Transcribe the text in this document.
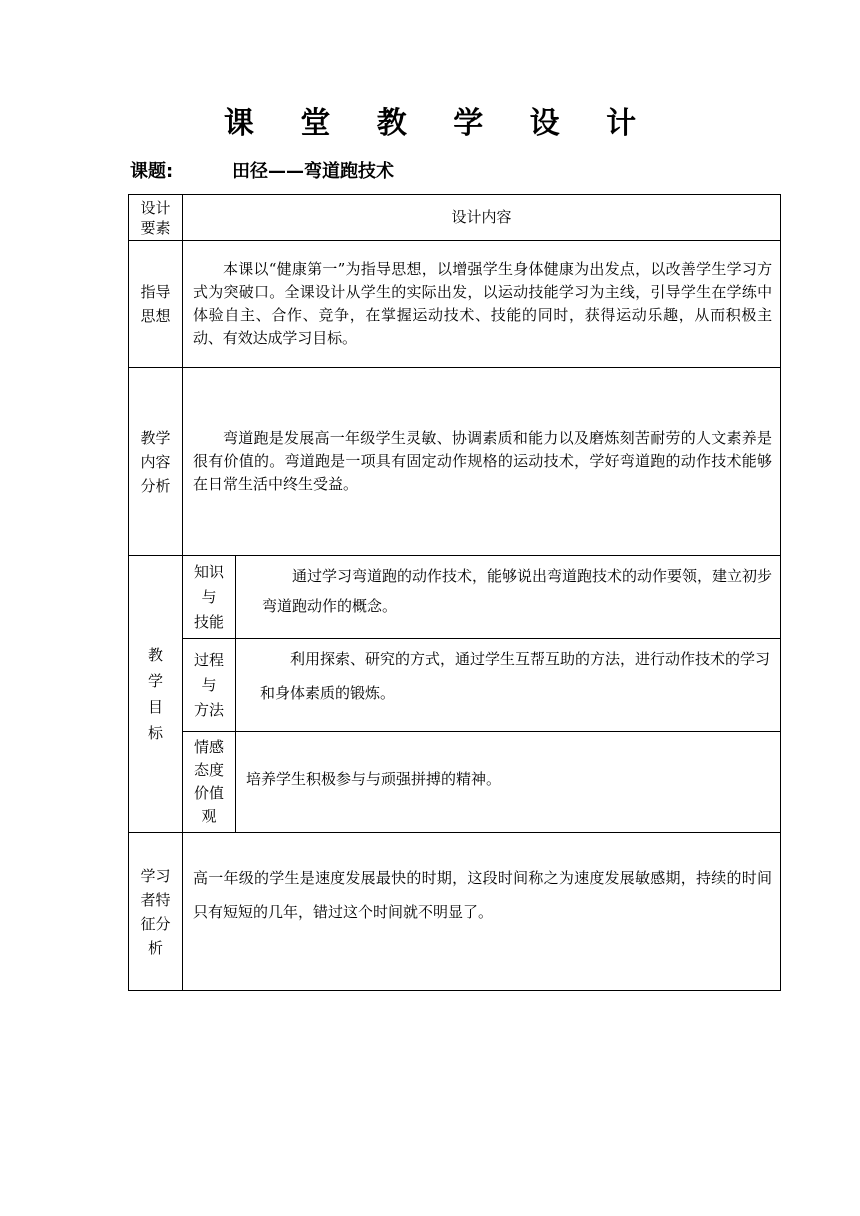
课 堂 教 学 设 计
课题:	田径——弯道跑技术
设计
要素
设计内容
指导
思想

本课以“健康第一”为指导思想，以增强学生身体健康为出发点，以改善学生学习方式为突破口。全课设计从学生的实际出发，以运动技能学习为主线，引导学生在学练中体验自主、合作、竞争，在掌握运动技术、技能的同时，获得运动乐趣，从而积极主动、有效达成学习目标。

教学
内容
分析

弯道跑是发展高一年级学生灵敏、协调素质和能力以及磨炼刻苦耐劳的人文素养是很有价值的。弯道跑是一项具有固定动作规格的运动技术，学好弯道跑的动作技术能够在日常生活中终生受益。

教
学
目
标
知识
与
技能

通过学习弯道跑的动作技术，能够说出弯道跑技术的动作要领，建立初步弯道跑动作的概念。

过程
与
方法

利用探索、研究的方式，通过学生互帮互助的方法，进行动作技术的学习和身体素质的锻炼。

情感
态度
价值
观

培养学生积极参与与顽强拼搏的精神。

学习
者特
征分
析

高一年级的学生是速度发展最快的时期，这段时间称之为速度发展敏感期，持续的时间只有短短的几年，错过这个时间就不明显了。
